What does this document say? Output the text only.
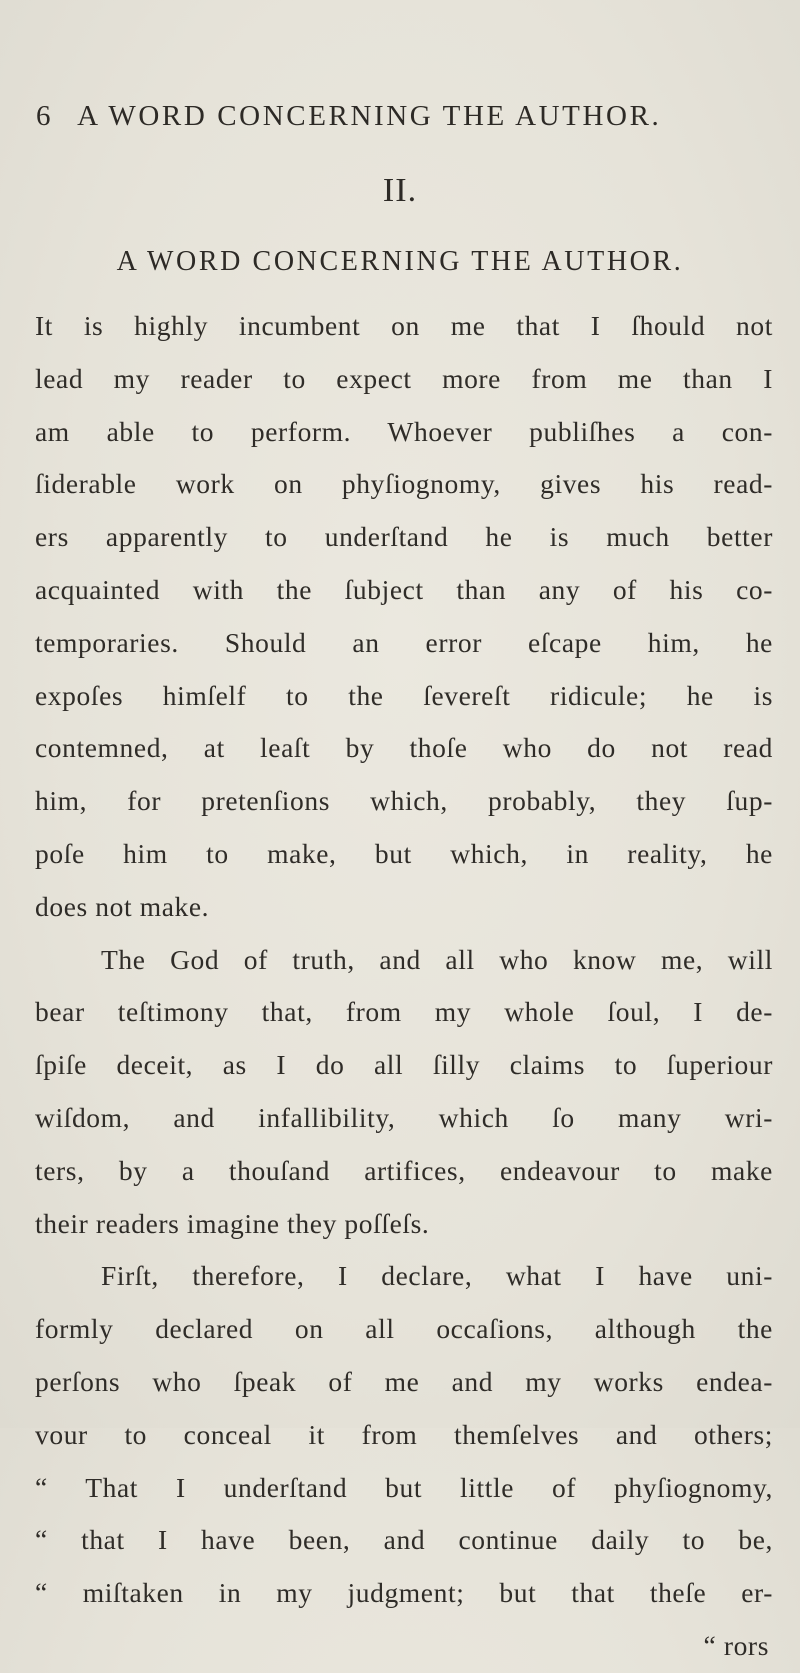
6 A WORD CONCERNING THE AUTHOR.
II.
A WORD CONCERNING THE AUTHOR.
It is highly incumbent on me that I ſhould not
lead my reader to expect more from me than I
am able to perform. Whoever publiſhes a con-
ſiderable work on phyſiognomy, gives his read-
ers apparently to underſtand he is much better
acquainted with the ſubject than any of his co-
temporaries. Should an error eſcape him, he
expoſes himſelf to the ſevereſt ridicule; he is
contemned, at leaſt by thoſe who do not read
him, for pretenſions which, probably, they ſup-
poſe him to make, but which, in reality, he
does not make.
The God of truth, and all who know me, will
bear teſtimony that, from my whole ſoul, I de-
ſpiſe deceit, as I do all ſilly claims to ſuperiour
wiſdom, and infallibility, which ſo many wri-
ters, by a thouſand artifices, endeavour to make
their readers imagine they poſſeſs.
Firſt, therefore, I declare, what I have uni-
formly declared on all occaſions, although the
perſons who ſpeak of me and my works endea-
vour to conceal it from themſelves and others;
“ That I underſtand but little of phyſiognomy,
“ that I have been, and continue daily to be,
“ miſtaken in my judgment; but that theſe er-
“ rors
